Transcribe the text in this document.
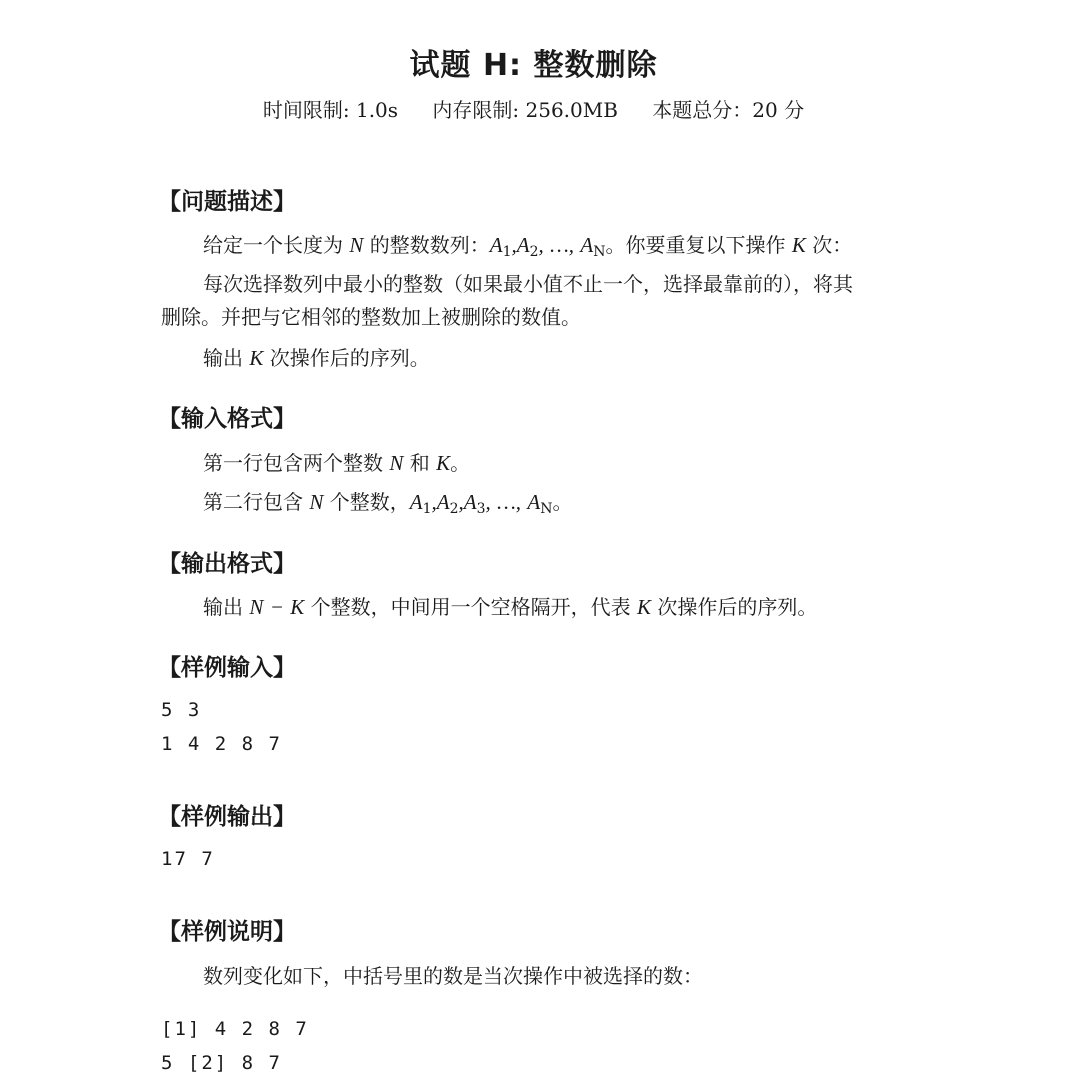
试题 H: 整数删除
时间限制: 1.0s 内存限制: 256.0MB 本题总分：20 分
【问题描述】
给定一个长度为 N 的整数数列：$A_1,A_2$, …, $A_N$。你要重复以下操作 K 次：
每次选择数列中最小的整数（如果最小值不止一个，选择最靠前的），将其
删除。并把与它相邻的整数加上被删除的数值。
输出 K 次操作后的序列。
【输入格式】
第一行包含两个整数 N 和 K。
第二行包含 N 个整数，$A_1,A_2,A_3$, …, $A_N$。
【输出格式】
输出 N − K 个整数，中间用一个空格隔开，代表 K 次操作后的序列。
【样例输入】
5 3
1 4 2 8 7
【样例输出】
17 7
【样例说明】
数列变化如下，中括号里的数是当次操作中被选择的数：
[1] 4 2 8 7
5 [2] 8 7
